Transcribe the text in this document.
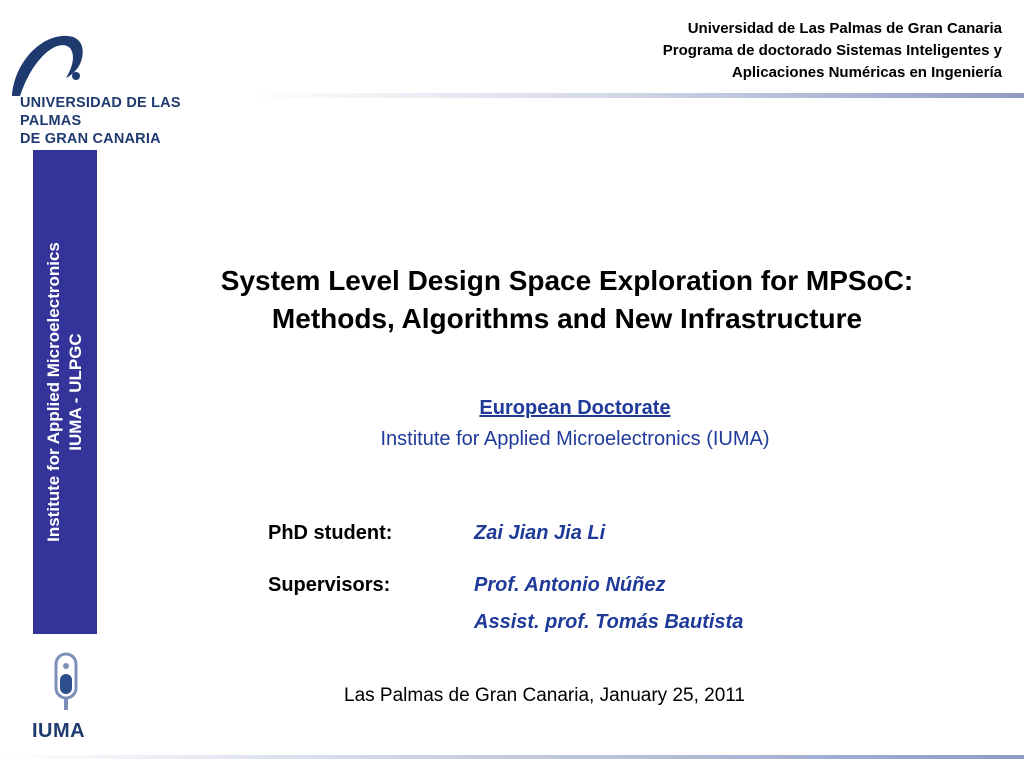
UNIVERSIDAD DE LAS PALMAS
DE GRAN CANARIA
Universidad de Las Palmas de Gran Canaria
Programa de doctorado Sistemas Inteligentes y
Aplicaciones Numéricas en Ingeniería
Institute for Applied Microelectronics IUMA - ULPGC
System Level Design Space Exploration for MPSoC:
Methods, Algorithms and New Infrastructure
European Doctorate
Institute for Applied Microelectronics (IUMA)
PhD student:	Zai Jian Jia Li
Supervisors:	Prof. Antonio Núñez
Assist. prof. Tomás Bautista
Las Palmas de Gran Canaria, January 25, 2011
IUMA
